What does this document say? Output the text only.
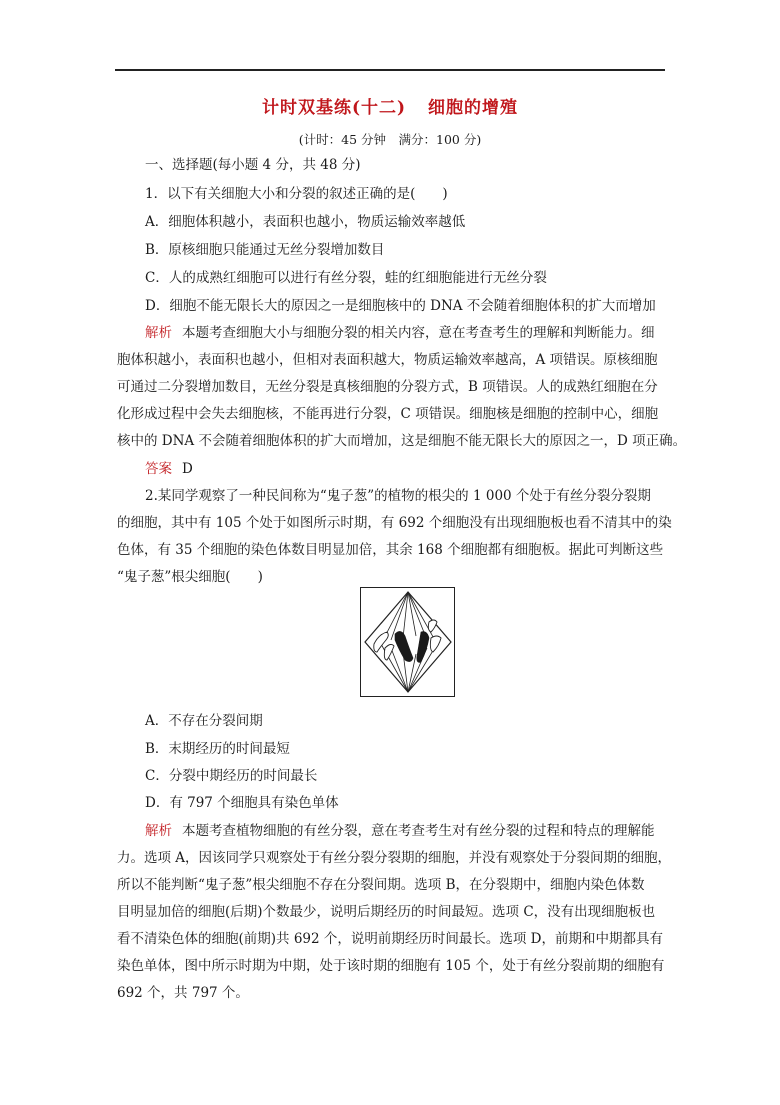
计时双基练(十二) 细胞的增殖
(计时：45 分钟　满分：100 分)
一、选择题(每小题 4 分，共 48 分)
1．以下有关细胞大小和分裂的叙述正确的是(　　)
A．细胞体积越小，表面积也越小，物质运输效率越低
B．原核细胞只能通过无丝分裂增加数目
C．人的成熟红细胞可以进行有丝分裂，蛙的红细胞能进行无丝分裂
D．细胞不能无限长大的原因之一是细胞核中的 DNA 不会随着细胞体积的扩大而增加
解析 本题考查细胞大小与细胞分裂的相关内容，意在考查考生的理解和判断能力。细
胞体积越小，表面积也越小，但相对表面积越大，物质运输效率越高，A 项错误。原核细胞
可通过二分裂增加数目，无丝分裂是真核细胞的分裂方式，B 项错误。人的成熟红细胞在分
化形成过程中会失去细胞核，不能再进行分裂，C 项错误。细胞核是细胞的控制中心，细胞
核中的 DNA 不会随着细胞体积的扩大而增加，这是细胞不能无限长大的原因之一，D 项正确。
答案 D
2.某同学观察了一种民间称为“鬼子葱”的植物的根尖的 1 000 个处于有丝分裂分裂期
的细胞，其中有 105 个处于如图所示时期，有 692 个细胞没有出现细胞板也看不清其中的染
色体，有 35 个细胞的染色体数目明显加倍，其余 168 个细胞都有细胞板。据此可判断这些
“鬼子葱”根尖细胞(　　)
A．不存在分裂间期
B．末期经历的时间最短
C．分裂中期经历的时间最长
D．有 797 个细胞具有染色单体
解析 本题考查植物细胞的有丝分裂，意在考查考生对有丝分裂的过程和特点的理解能
力。选项 A，因该同学只观察处于有丝分裂分裂期的细胞，并没有观察处于分裂间期的细胞，
所以不能判断“鬼子葱”根尖细胞不存在分裂间期。选项 B，在分裂期中，细胞内染色体数
目明显加倍的细胞(后期)个数最少，说明后期经历的时间最短。选项 C，没有出现细胞板也
看不清染色体的细胞(前期)共 692 个，说明前期经历时间最长。选项 D，前期和中期都具有
染色单体，图中所示时期为中期，处于该时期的细胞有 105 个，处于有丝分裂前期的细胞有
692 个，共 797 个。
